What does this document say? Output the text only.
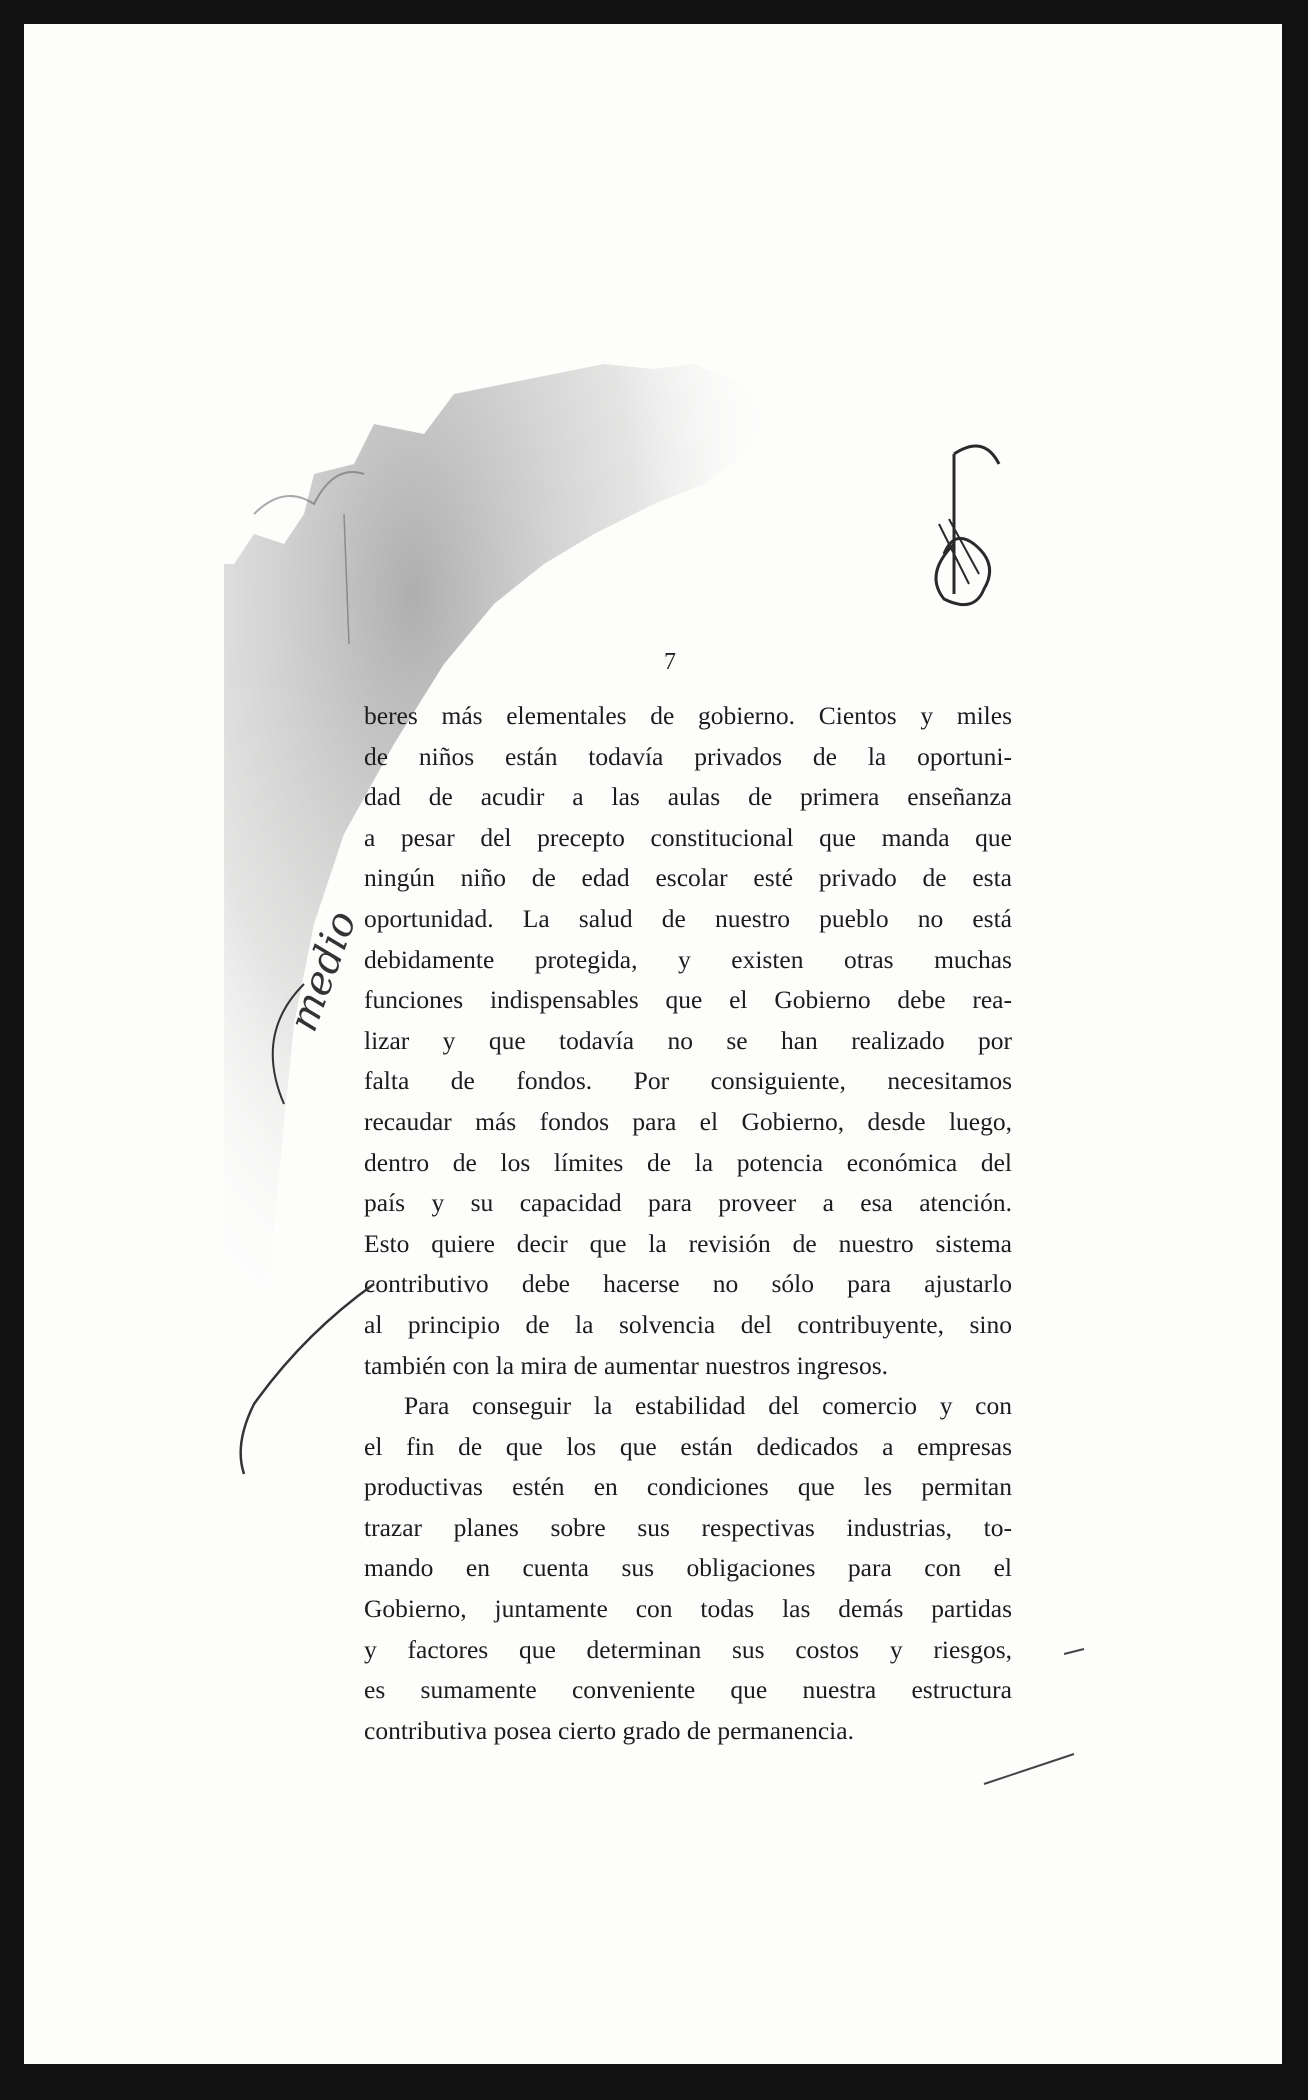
7
beres más elementales de gobierno. Cientos y miles
de niños están todavía privados de la oportuni-
dad de acudir a las aulas de primera enseñanza
a pesar del precepto constitucional que manda que
ningún niño de edad escolar esté privado de esta
oportunidad. La salud de nuestro pueblo no está
debidamente protegida, y existen otras muchas
funciones indispensables que el Gobierno debe rea-
lizar y que todavía no se han realizado por
falta de fondos. Por consiguiente, necesitamos
recaudar más fondos para el Gobierno, desde luego,
dentro de los límites de la potencia económica del
país y su capacidad para proveer a esa atención.
Esto quiere decir que la revisión de nuestro sistema
contributivo debe hacerse no sólo para ajustarlo
al principio de la solvencia del contribuyente, sino
también con la mira de aumentar nuestros ingresos.
Para conseguir la estabilidad del comercio y con
el fin de que los que están dedicados a empresas
productivas estén en condiciones que les permitan
trazar planes sobre sus respectivas industrias, to-
mando en cuenta sus obligaciones para con el
Gobierno, juntamente con todas las demás partidas
y factores que determinan sus costos y riesgos,
es sumamente conveniente que nuestra estructura
contributiva posea cierto grado de permanencia.
medio
